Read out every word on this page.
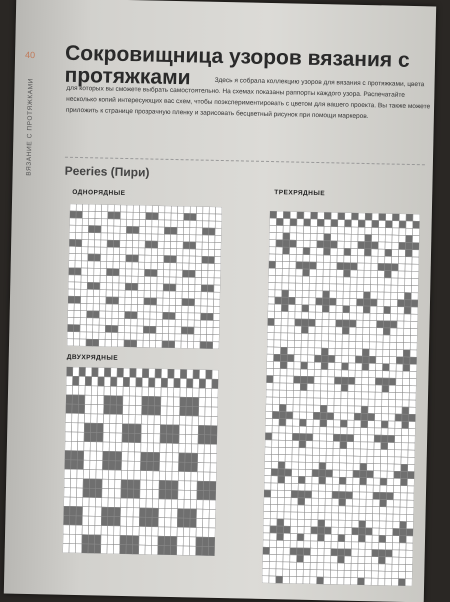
40
ВЯЗАНИЕ С ПРОТЯЖКАМИ
Сокровищница узоров вязания с протяжками	Здесь я собрала коллекцию узоров для вязания с протяжками, цвета для которых вы сможете выбрать самостоятельно. На схемах показаны раппорты каждого узора. Распечатайте несколько копий интересующих вас схем, чтобы поэкспериментировать с цветом для вашего проекта. Вы также можете приложить к странице прозрачную пленку и зарисовать бесцветный рисунок при помощи маркеров.

Peeries (Пири)
ОДНОРЯДНЫЕ
ДВУХРЯДНЫЕ
ТРЕХРЯДНЫЕ
